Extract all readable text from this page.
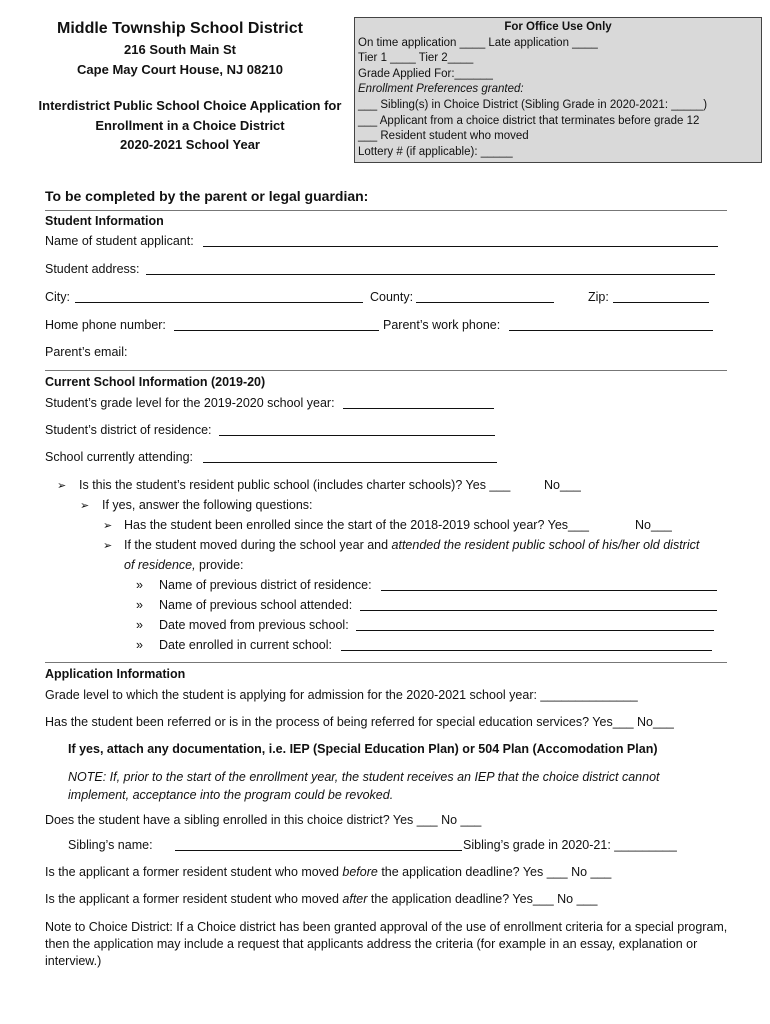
Middle Township School District
216 South Main St
Cape May Court House, NJ 08210
Interdistrict Public School Choice Application for
Enrollment in a Choice District
2020-2021 School Year
For Office Use Only
On time application ____ Late application ____
Tier 1 ____ Tier 2____
Grade Applied For:______
Enrollment Preferences granted:
___ Sibling(s) in Choice District (Sibling Grade in 2020-2021: _____)
___ Applicant from a choice district that terminates before grade 12
___ Resident student who moved
Lottery # (if applicable): _____
To be completed by the parent or legal guardian:
Student Information
Name of student applicant:
Student address:
City:	County:	Zip:
Home phone number:	Parent’s work phone:
Parent’s email:
Current School Information (2019-20)
Student’s grade level for the 2019-2020 school year:
Student’s district of residence:
School currently attending:
➢ Is this the student’s resident public school (includes charter schools)? Yes ___	No___
➢ If yes, answer the following questions:
➢ Has the student been enrolled since the start of the 2018-2019 school year? Yes___	No___
➢ If the student moved during the school year and attended the resident public school of his/her old district
of residence, provide:
» Name of previous district of residence:
» Name of previous school attended:
» Date moved from previous school:
» Date enrolled in current school:
Application Information
Grade level to which the student is applying for admission for the 2020-2021 school year: ______________
Has the student been referred or is in the process of being referred for special education services? Yes___ No___
If yes, attach any documentation, i.e. IEP (Special Education Plan) or 504 Plan (Accomodation Plan)
NOTE: If, prior to the start of the enrollment year, the student receives an IEP that the choice district cannot
implement, acceptance into the program could be revoked.
Does the student have a sibling enrolled in this choice district? Yes ___ No ___
Sibling’s name:	Sibling’s grade in 2020-21: _________
Is the applicant a former resident student who moved before the application deadline? Yes ___ No ___
Is the applicant a former resident student who moved after the application deadline? Yes___ No ___
Note to Choice District: If a Choice district has been granted approval of the use of enrollment criteria for a special program,
then the application may include a request that applicants address the criteria (for example in an essay, explanation or
interview.)
